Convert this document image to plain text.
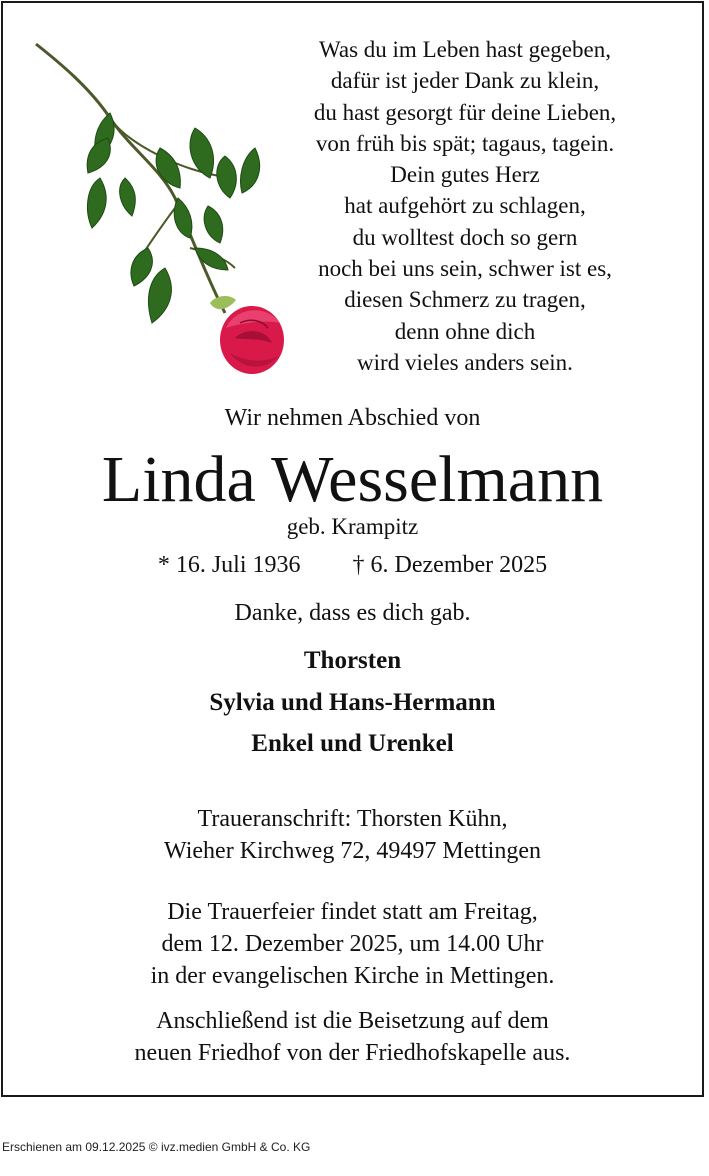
Was du im Leben hast gegeben,
dafür ist jeder Dank zu klein,
du hast gesorgt für deine Lieben,
von früh bis spät; tagaus, tagein.
Dein gutes Herz
hat aufgehört zu schlagen,
du wolltest doch so gern
noch bei uns sein, schwer ist es,
diesen Schmerz zu tragen,
denn ohne dich
wird vieles anders sein.
Wir nehmen Abschied von
Linda Wesselmann
geb. Krampitz
* 16. Juli 1936 † 6. Dezember 2025
Danke, dass es dich gab.
Thorsten
Sylvia und Hans-Hermann
Enkel und Urenkel
Traueranschrift: Thorsten Kühn,
Wieher Kirchweg 72, 49497 Mettingen
Die Trauerfeier findet statt am Freitag,
dem 12. Dezember 2025, um 14.00 Uhr
in der evangelischen Kirche in Mettingen.
Anschließend ist die Beisetzung auf dem
neuen Friedhof von der Friedhofskapelle aus.
Erschienen am 09.12.2025 © ivz.medien GmbH & Co. KG
